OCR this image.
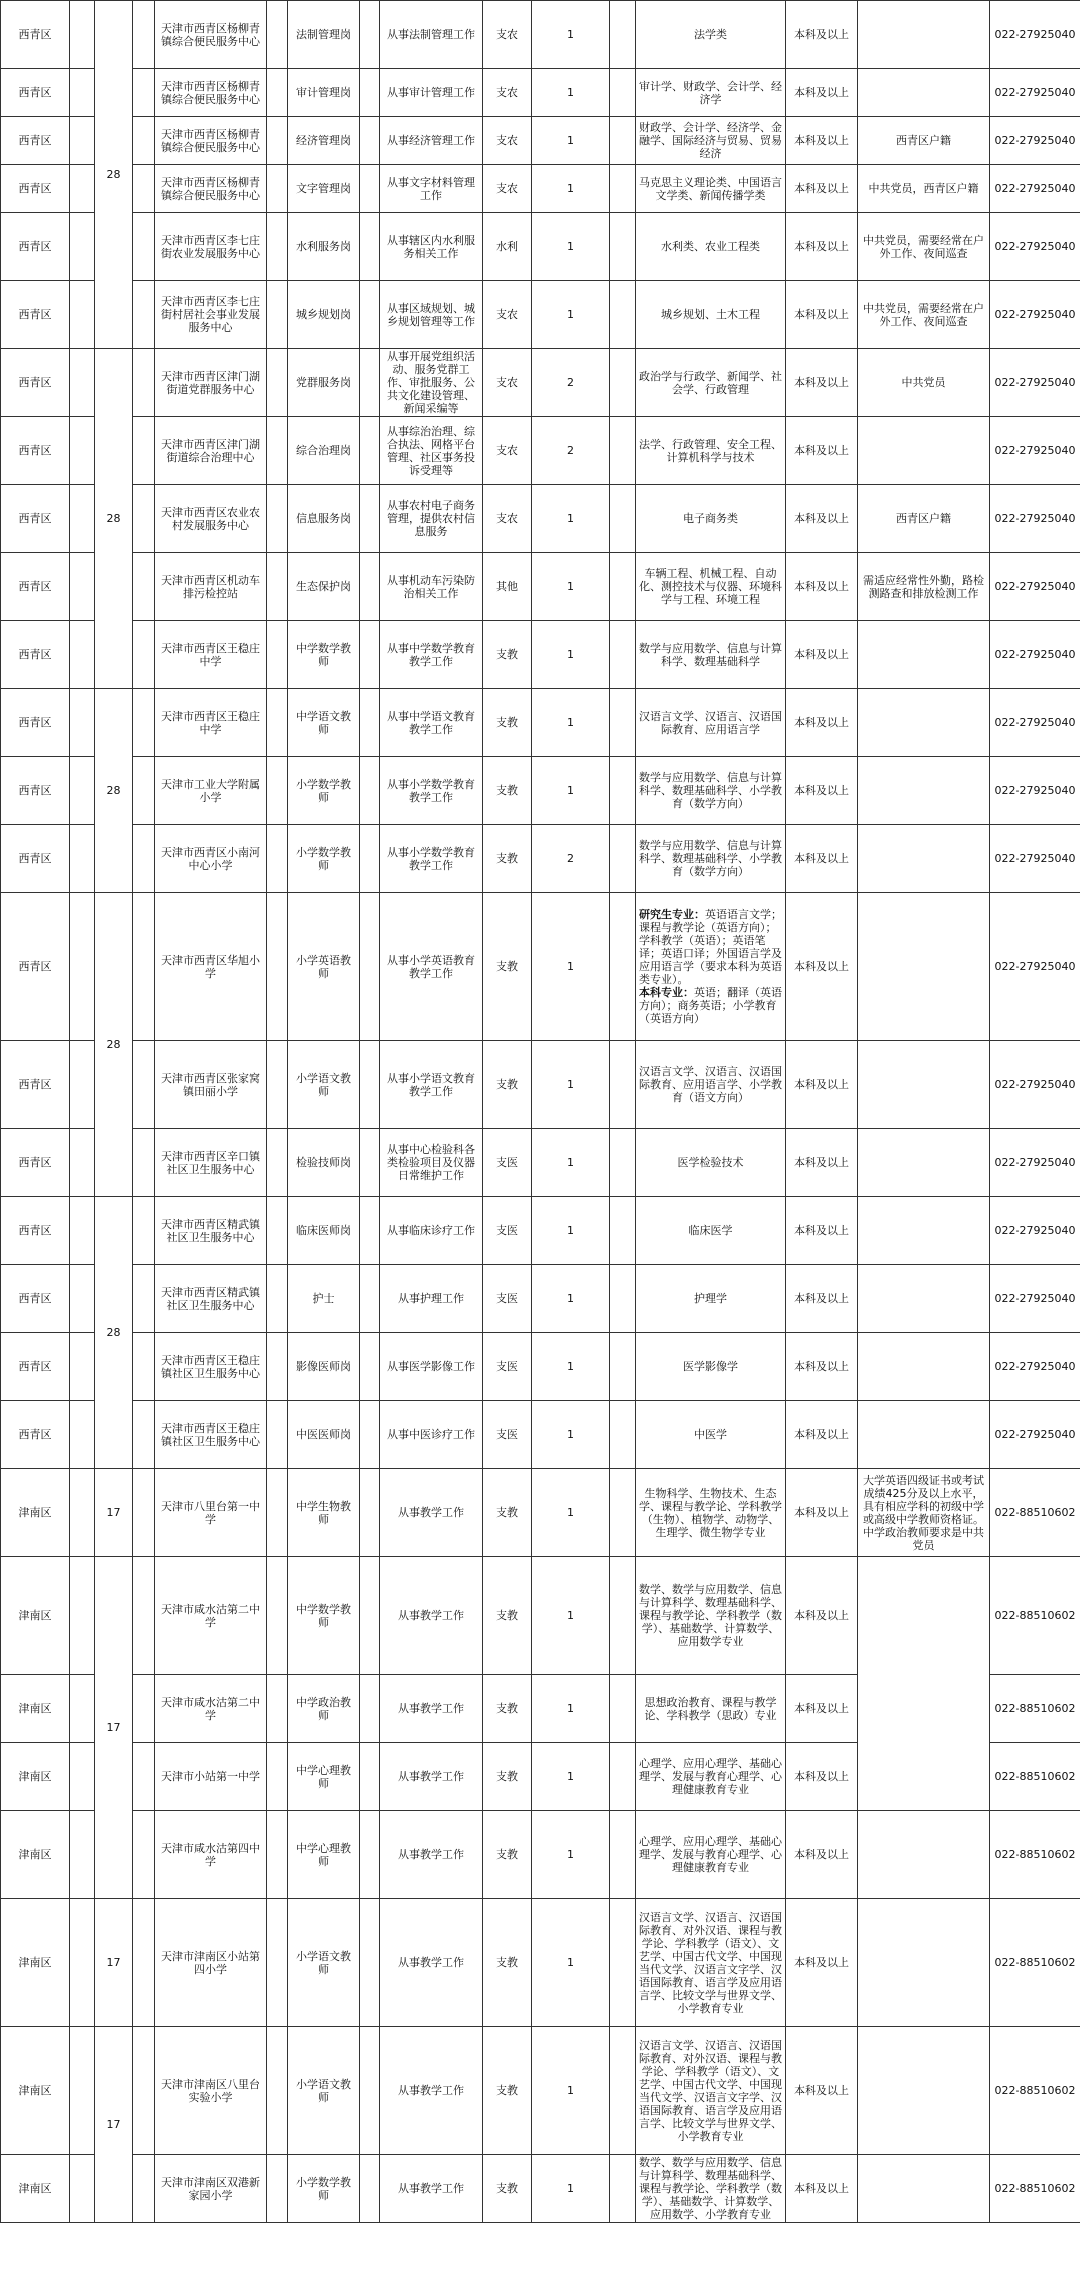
西青区		28		天津市西青区杨柳青镇综合便民服务中心		法制管理岗		从事法制管理工作	支农	1		法学类	本科及以上		022-27925040
西青区				天津市西青区杨柳青镇综合便民服务中心		审计管理岗		从事审计管理工作	支农	1		审计学、财政学、会计学、经济学	本科及以上		022-27925040
西青区				天津市西青区杨柳青镇综合便民服务中心		经济管理岗		从事经济管理工作	支农	1		财政学、会计学、经济学、金融学、国际经济与贸易、贸易经济	本科及以上	西青区户籍	022-27925040
西青区				天津市西青区杨柳青镇综合便民服务中心		文字管理岗		从事文字材料管理工作	支农	1		马克思主义理论类、中国语言文学类、新闻传播学类	本科及以上	中共党员，西青区户籍	022-27925040
西青区				天津市西青区李七庄街农业发展服务中心		水利服务岗		从事辖区内水利服务相关工作	水利	1		水利类、农业工程类	本科及以上	中共党员，需要经常在户外工作、夜间巡查	022-27925040
西青区				天津市西青区李七庄街村居社会事业发展服务中心		城乡规划岗		从事区域规划、城乡规划管理等工作	支农	1		城乡规划、土木工程	本科及以上	中共党员，需要经常在户外工作、夜间巡查	022-27925040
西青区		28		天津市西青区津门湖街道党群服务中心		党群服务岗		从事开展党组织活动、服务党群工作、审批服务、公共文化建设管理、新闻采编等	支农	2		政治学与行政学、新闻学、社会学、行政管理	本科及以上	中共党员	022-27925040
西青区				天津市西青区津门湖街道综合治理中心		综合治理岗		从事综治治理、综合执法、网格平台管理、社区事务投诉受理等	支农	2		法学、行政管理、安全工程、计算机科学与技术	本科及以上		022-27925040
西青区				天津市西青区农业农村发展服务中心		信息服务岗		从事农村电子商务管理，提供农村信息服务	支农	1		电子商务类	本科及以上	西青区户籍	022-27925040
西青区				天津市西青区机动车排污检控站		生态保护岗		从事机动车污染防治相关工作	其他	1		车辆工程、机械工程、自动化、测控技术与仪器、环境科学与工程、环境工程	本科及以上	需适应经常性外勤，路检测路查和排放检测工作	022-27925040
西青区				天津市西青区王稳庄中学		中学数学教师		从事中学数学教育教学工作	支教	1		数学与应用数学、信息与计算科学、数理基础科学	本科及以上		022-27925040
西青区		28		天津市西青区王稳庄中学		中学语文教师		从事中学语文教育教学工作	支教	1		汉语言文学、汉语言、汉语国际教育、应用语言学	本科及以上		022-27925040
西青区				天津市工业大学附属小学		小学数学教师		从事小学数学教育教学工作	支教	1		数学与应用数学、信息与计算科学、数理基础科学、小学教育（数学方向）	本科及以上		022-27925040
西青区				天津市西青区小南河中心小学		小学数学教师		从事小学数学教育教学工作	支教	2		数学与应用数学、信息与计算科学、数理基础科学、小学教育（数学方向）	本科及以上		022-27925040
西青区		28		天津市西青区华旭小学		小学英语教师		从事小学英语教育教学工作	支教	1		研究生专业：英语语言文学；课程与教学论（英语方向）；学科教学（英语）；英语笔译；英语口译；外国语言学及应用语言学（要求本科为英语类专业）。
本科专业：英语；翻译（英语方向）；商务英语；小学教育（英语方向）	本科及以上		022-27925040
西青区				天津市西青区张家窝镇田丽小学		小学语文教师		从事小学语文教育教学工作	支教	1		汉语言文学、汉语言、汉语国际教育、应用语言学、小学教育（语文方向）	本科及以上		022-27925040
西青区				天津市西青区辛口镇社区卫生服务中心		检验技师岗		从事中心检验科各类检验项目及仪器日常维护工作	支医	1		医学检验技术	本科及以上		022-27925040
西青区		28		天津市西青区精武镇社区卫生服务中心		临床医师岗		从事临床诊疗工作	支医	1		临床医学	本科及以上		022-27925040
西青区				天津市西青区精武镇社区卫生服务中心		护士		从事护理工作	支医	1		护理学	本科及以上		022-27925040
西青区				天津市西青区王稳庄镇社区卫生服务中心		影像医师岗		从事医学影像工作	支医	1		医学影像学	本科及以上		022-27925040
西青区				天津市西青区王稳庄镇社区卫生服务中心		中医医师岗		从事中医诊疗工作	支医	1		中医学	本科及以上		022-27925040
津南区		17		天津市八里台第一中学		中学生物教师		从事教学工作	支教	1		生物科学、生物技术、生态学、课程与教学论、学科教学（生物）、植物学、动物学、生理学、微生物学专业	本科及以上	大学英语四级证书或考试成绩425分及以上水平，具有相应学科的初级中学或高级中学教师资格证。中学政治教师要求是中共党员	022-88510602
津南区		17		天津市咸水沽第二中学		中学数学教师		从事教学工作	支教	1		数学、数学与应用数学、信息与计算科学、数理基础科学、课程与教学论、学科教学（数学）、基础数学、计算数学、应用数学专业	本科及以上		022-88510602
津南区				天津市咸水沽第二中学		中学政治教师		从事教学工作	支教	1		思想政治教育、课程与教学论、学科教学（思政）专业	本科及以上		022-88510602
津南区				天津市小站第一中学		中学心理教师		从事教学工作	支教	1		心理学、应用心理学、基础心理学、发展与教育心理学、心理健康教育专业	本科及以上		022-88510602
津南区				天津市咸水沽第四中学		中学心理教师		从事教学工作	支教	1		心理学、应用心理学、基础心理学、发展与教育心理学、心理健康教育专业	本科及以上		022-88510602
津南区		17		天津市津南区小站第四小学		小学语文教师		从事教学工作	支教	1		汉语言文学、汉语言、汉语国际教育、对外汉语、课程与教学论、学科教学（语文）、文艺学、中国古代文学、中国现当代文学、汉语言文字学、汉语国际教育、语言学及应用语言学、比较文学与世界文学、小学教育专业	本科及以上		022-88510602
津南区		17		天津市津南区八里台实验小学		小学语文教师		从事教学工作	支教	1		汉语言文学、汉语言、汉语国际教育、对外汉语、课程与教学论、学科教学（语文）、文艺学、中国古代文学、中国现当代文学、汉语言文字学、汉语国际教育、语言学及应用语言学、比较文学与世界文学、小学教育专业	本科及以上		022-88510602
津南区				天津市津南区双港新家园小学		小学数学教师		从事教学工作	支教	1		数学、数学与应用数学、信息与计算科学、数理基础科学、课程与教学论、学科教学（数学）、基础数学、计算数学、应用数学、小学教育专业	本科及以上		022-88510602
